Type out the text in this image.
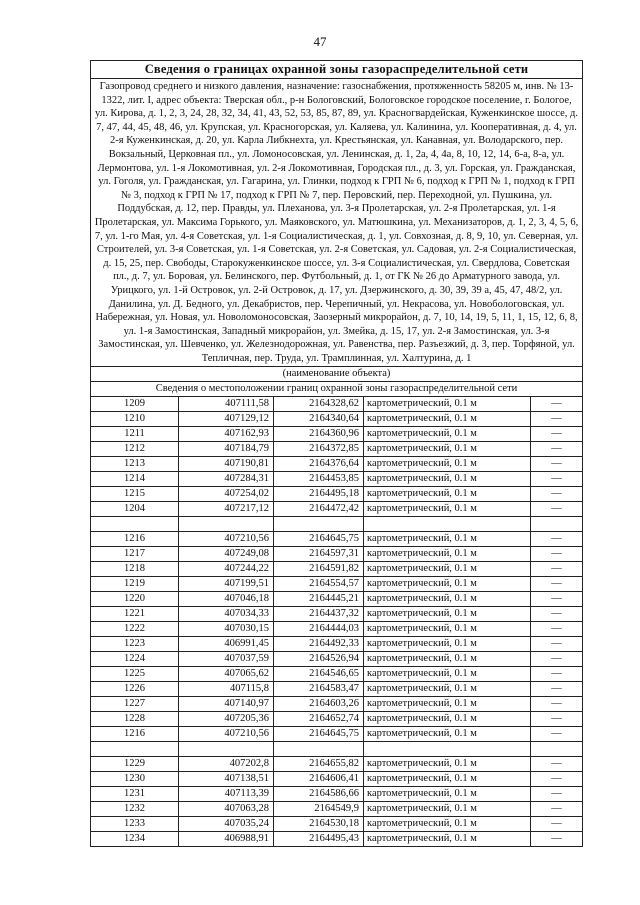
47
Сведения о границах охранной зоны газораспределительной сети				
Газопровод среднего и низкого давления, назначение: газоснабжения, протяженность 58205 м, инв. № 13-1322, лит. I, адрес объекта: Тверская обл., р-н Бологовский, Бологовское городское поселение, г. Бологое, ул. Кирова, д. 1, 2, 3, 24, 28, 32, 34, 41, 43, 52, 53, 85, 87, 89, ул. Красногвардейская, Куженкинское шоссе, д. 7, 47, 44, 45, 48, 46, ул. Крупская, ул. Красногорская, ул. Каляева, ул. Калинина, ул. Кооперативная, д. 4, ул. 2-я Куженкинская, д. 20, ул. Карла Либкнехта, ул. Крестьянская, ул. Канавная, ул. Володарского, пер. Вокзальный, Церковная пл., ул. Ломоносовская, ул. Ленинская, д. 1, 2а, 4, 4а, 8, 10, 12, 14, 6-а, 8-а, ул. Лермонтова, ул. 1-я Локомотивная, ул. 2-я Локомотивная, Городская пл., д. 3, ул. Горская, ул. Гражданская, ул. Гоголя, ул. Гражданская, ул. Гагарина, ул. Глинки, подход к ГРП № 6, подход к ГРП № 1, подход к ГРП № 3, подход к ГРП № 17, подход к ГРП № 7, пер. Перовский, пер. Переходной, ул. Пушкина, ул. Поддубская, д. 12, пер. Правды, ул. Плеханова, ул. 3-я Пролетарская, ул. 2-я Пролетарская, ул. 1-я Пролетарская, ул. Максима Горького, ул. Маяковского, ул. Матюшкина, ул. Механизаторов, д. 1, 2, 3, 4, 5, 6, 7, ул. 1-го Мая, ул. 4-я Советская, ул. 1-я Социалистическая, д. 1, ул. Совхозная, д. 8, 9, 10, ул. Северная, ул. Строителей, ул. 3-я Советская, ул. 1-я Советская, ул. 2-я Советская, ул. Садовая, ул. 2-я Социалистическая, д. 15, 25, пер. Свободы, Старокуженкинское шоссе, ул. 3-я Социалистическая, ул. Свердлова, Советская пл., д. 7, ул. Боровая, ул. Белинского, пер. Футбольный, д. 1, от ГК № 26 до Арматурного завода, ул. Урицкого, ул. 1-й Островок, ул. 2-й Островок, д. 17, ул. Дзержинского, д. 30, 39, 39 а, 45, 47, 48/2, ул. Данилина, ул. Д. Бедного, ул. Декабристов, пер. Черепичный, ул. Некрасова, ул. Новобологовская, ул. Набережная, ул. Новая, ул. Новоломоносовская, Заозерный микрорайон, д. 7, 10, 14, 19, 5, 11, 1, 15, 12, 6, 8, ул. 1-я Замостинская, Западный микрорайон, ул. Змейка, д. 15, 17, ул. 2-я Замостинская, ул. 3-я Замостинская, ул. Шевченко, ул. Железнодорожная, ул. Равенства, пер. Разъезжий, д. 3, пер. Торфяной, ул. Тепличная, пер. Труда, ул. Трамплинная, ул. Халтурина, д. 1				
(наименование объекта)				
Сведения о местоположении границ охранной зоны газораспределительной сети				
1209	407111,58	2164328,62	картометрический, 0.1 м	—
1210	407129,12	2164340,64	картометрический, 0.1 м	—
1211	407162,93	2164360,96	картометрический, 0.1 м	—
1212	407184,79	2164372,85	картометрический, 0.1 м	—
1213	407190,81	2164376,64	картометрический, 0.1 м	—
1214	407284,31	2164453,85	картометрический, 0.1 м	—
1215	407254,02	2164495,18	картометрический, 0.1 м	—
1204	407217,12	2164472,42	картометрический, 0.1 м	—

1216	407210,56	2164645,75	картометрический, 0.1 м	—
1217	407249,08	2164597,31	картометрический, 0.1 м	—
1218	407244,22	2164591,82	картометрический, 0.1 м	—
1219	407199,51	2164554,57	картометрический, 0.1 м	—
1220	407046,18	2164445,21	картометрический, 0.1 м	—
1221	407034,33	2164437,32	картометрический, 0.1 м	—
1222	407030,15	2164444,03	картометрический, 0.1 м	—
1223	406991,45	2164492,33	картометрический, 0.1 м	—
1224	407037,59	2164526,94	картометрический, 0.1 м	—
1225	407065,62	2164546,65	картометрический, 0.1 м	—
1226	407115,8	2164583,47	картометрический, 0.1 м	—
1227	407140,97	2164603,26	картометрический, 0.1 м	—
1228	407205,36	2164652,74	картометрический, 0.1 м	—
1216	407210,56	2164645,75	картометрический, 0.1 м	—

1229	407202,8	2164655,82	картометрический, 0.1 м	—
1230	407138,51	2164606,41	картометрический, 0.1 м	—
1231	407113,39	2164586,66	картометрический, 0.1 м	—
1232	407063,28	2164549,9	картометрический, 0.1 м	—
1233	407035,24	2164530,18	картометрический, 0.1 м	—
1234	406988,91	2164495,43	картометрический, 0.1 м	—
